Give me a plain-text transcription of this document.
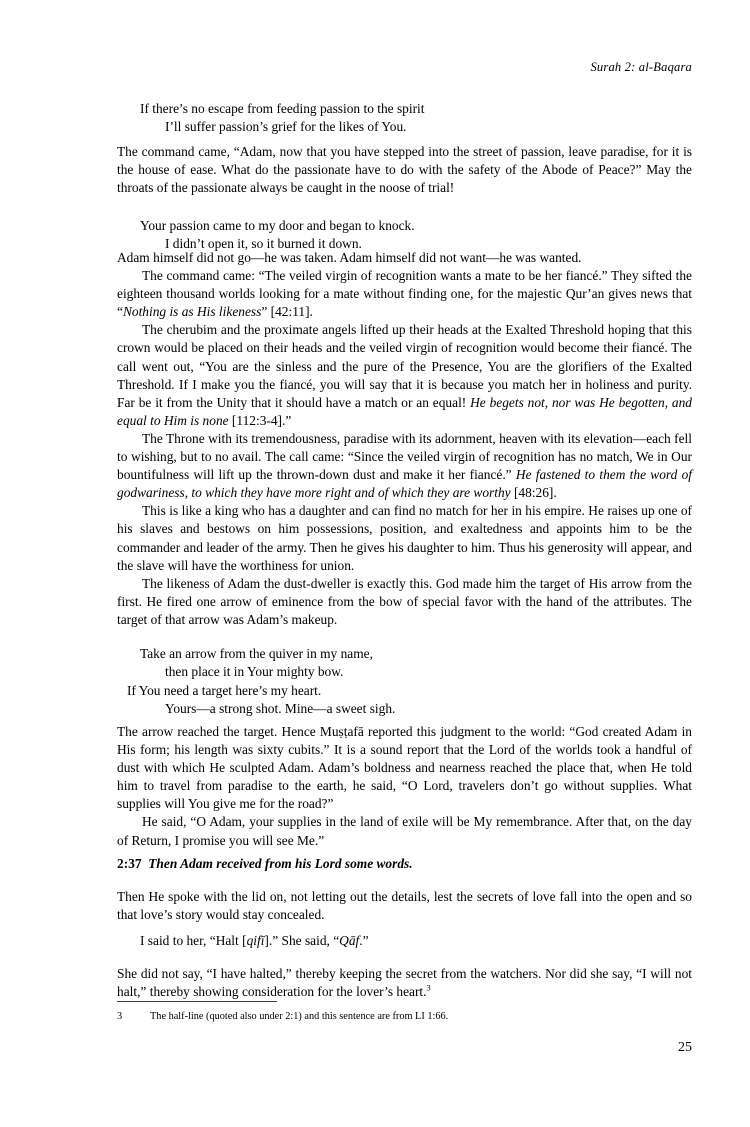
Surah 2: al-Baqara
If there’s no escape from feeding passion to the spirit
I’ll suffer passion’s grief for the likes of You.

The command came, “Adam, now that you have stepped into the street of passion, leave paradise, for it is the house of ease. What do the passionate have to do with the safety of the Abode of Peace?” May the throats of the passionate always be caught in the noose of trial!

Your passion came to my door and began to knock.
I didn’t open it, so it burned it down.

Adam himself did not go—he was taken. Adam himself did not want—he was wanted.

The command came: “The veiled virgin of recognition wants a mate to be her fiancé.” They sifted the eighteen thousand worlds looking for a mate without finding one, for the majestic Qur’an gives news that “Nothing is as His likeness” [42:11].

The cherubim and the proximate angels lifted up their heads at the Exalted Threshold hoping that this crown would be placed on their heads and the veiled virgin of recognition would become their fiancé. The call went out, “You are the sinless and the pure of the Presence, You are the glorifiers of the Exalted Threshold. If I make you the fiancé, you will say that it is because you match her in holiness and purity. Far be it from the Unity that it should have a match or an equal! He begets not, nor was He begotten, and equal to Him is none [112:3-4].”

The Throne with its tremendousness, paradise with its adornment, heaven with its elevation—each fell to wishing, but to no avail. The call came: “Since the veiled virgin of recognition has no match, We in Our bountifulness will lift up the thrown-down dust and make it her fiancé.” He fastened to them the word of godwariness, to which they have more right and of which they are worthy [48:26].

This is like a king who has a daughter and can find no match for her in his empire. He raises up one of his slaves and bestows on him possessions, position, and exaltedness and appoints him to be the commander and leader of the army. Then he gives his daughter to him. Thus his generosity will appear, and the slave will have the worthiness for union.

The likeness of Adam the dust-dweller is exactly this. God made him the target of His arrow from the first. He fired one arrow of eminence from the bow of special favor with the hand of the attributes. The target of that arrow was Adam’s makeup.

Take an arrow from the quiver in my name,
then place it in Your mighty bow.
If You need a target here’s my heart.
Yours—a strong shot. Mine—a sweet sigh.

The arrow reached the target. Hence Muṣṭafā reported this judgment to the world: “God created Adam in His form; his length was sixty cubits.” It is a sound report that the Lord of the worlds took a handful of dust with which He sculpted Adam. Adam’s boldness and nearness reached the place that, when He told him to travel from paradise to the earth, he said, “O Lord, travelers don’t go without supplies. What supplies will You give me for the road?”

He said, “O Adam, your supplies in the land of exile will be My remembrance. After that, on the day of Return, I promise you will see Me.”

2:37 Then Adam received from his Lord some words.

Then He spoke with the lid on, not letting out the details, lest the secrets of love fall into the open and so that love’s story would stay concealed.

I said to her, “Halt [qifī].” She said, “Qāf.”

She did not say, “I have halted,” thereby keeping the secret from the watchers. Nor did she say, “I will not halt,” thereby showing consideration for the lover’s heart.$^3$

3	The half-line (quoted also under 2:1) and this sentence are from LI 1:66.
25
